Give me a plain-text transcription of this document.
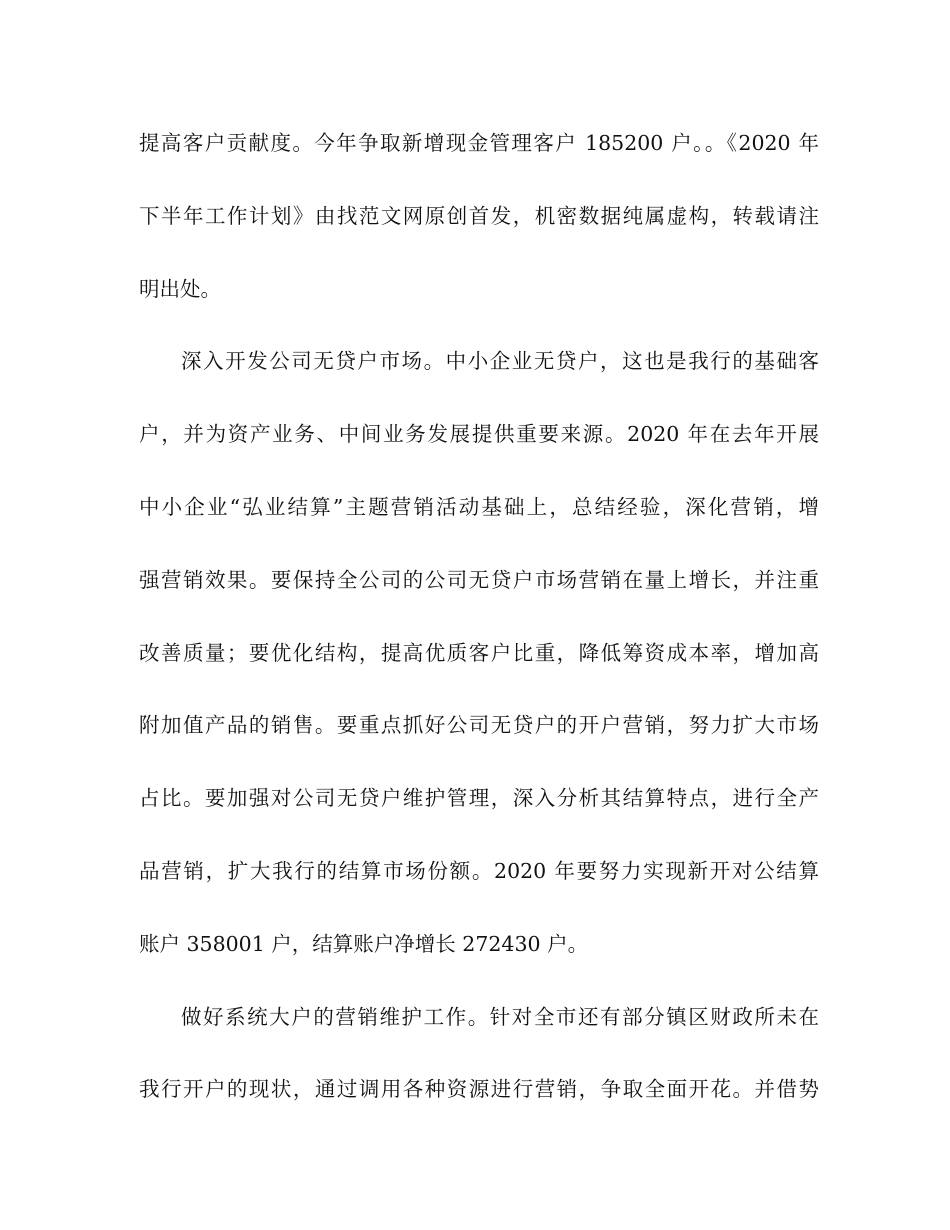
提高客户贡献度。今年争取新增现金管理客户 185200 户。。《2020 年
下半年工作计划》由找范文网原创首发，机密数据纯属虚构，转载请注
明出处。
深入开发公司无贷户市场。中小企业无贷户，这也是我行的基础客
户，并为资产业务、中间业务发展提供重要来源。2020 年在去年开展
中小企业“弘业结算”主题营销活动基础上，总结经验，深化营销，增
强营销效果。要保持全公司的公司无贷户市场营销在量上增长，并注重
改善质量；要优化结构，提高优质客户比重，降低筹资成本率，增加高
附加值产品的销售。要重点抓好公司无贷户的开户营销，努力扩大市场
占比。要加强对公司无贷户维护管理，深入分析其结算特点，进行全产
品营销，扩大我行的结算市场份额。2020 年要努力实现新开对公结算
账户 358001 户，结算账户净增长 272430 户。
做好系统大户的营销维护工作。针对全市还有部分镇区财政所未在
我行开户的现状，通过调用各种资源进行营销，争取全面开花。并借势
